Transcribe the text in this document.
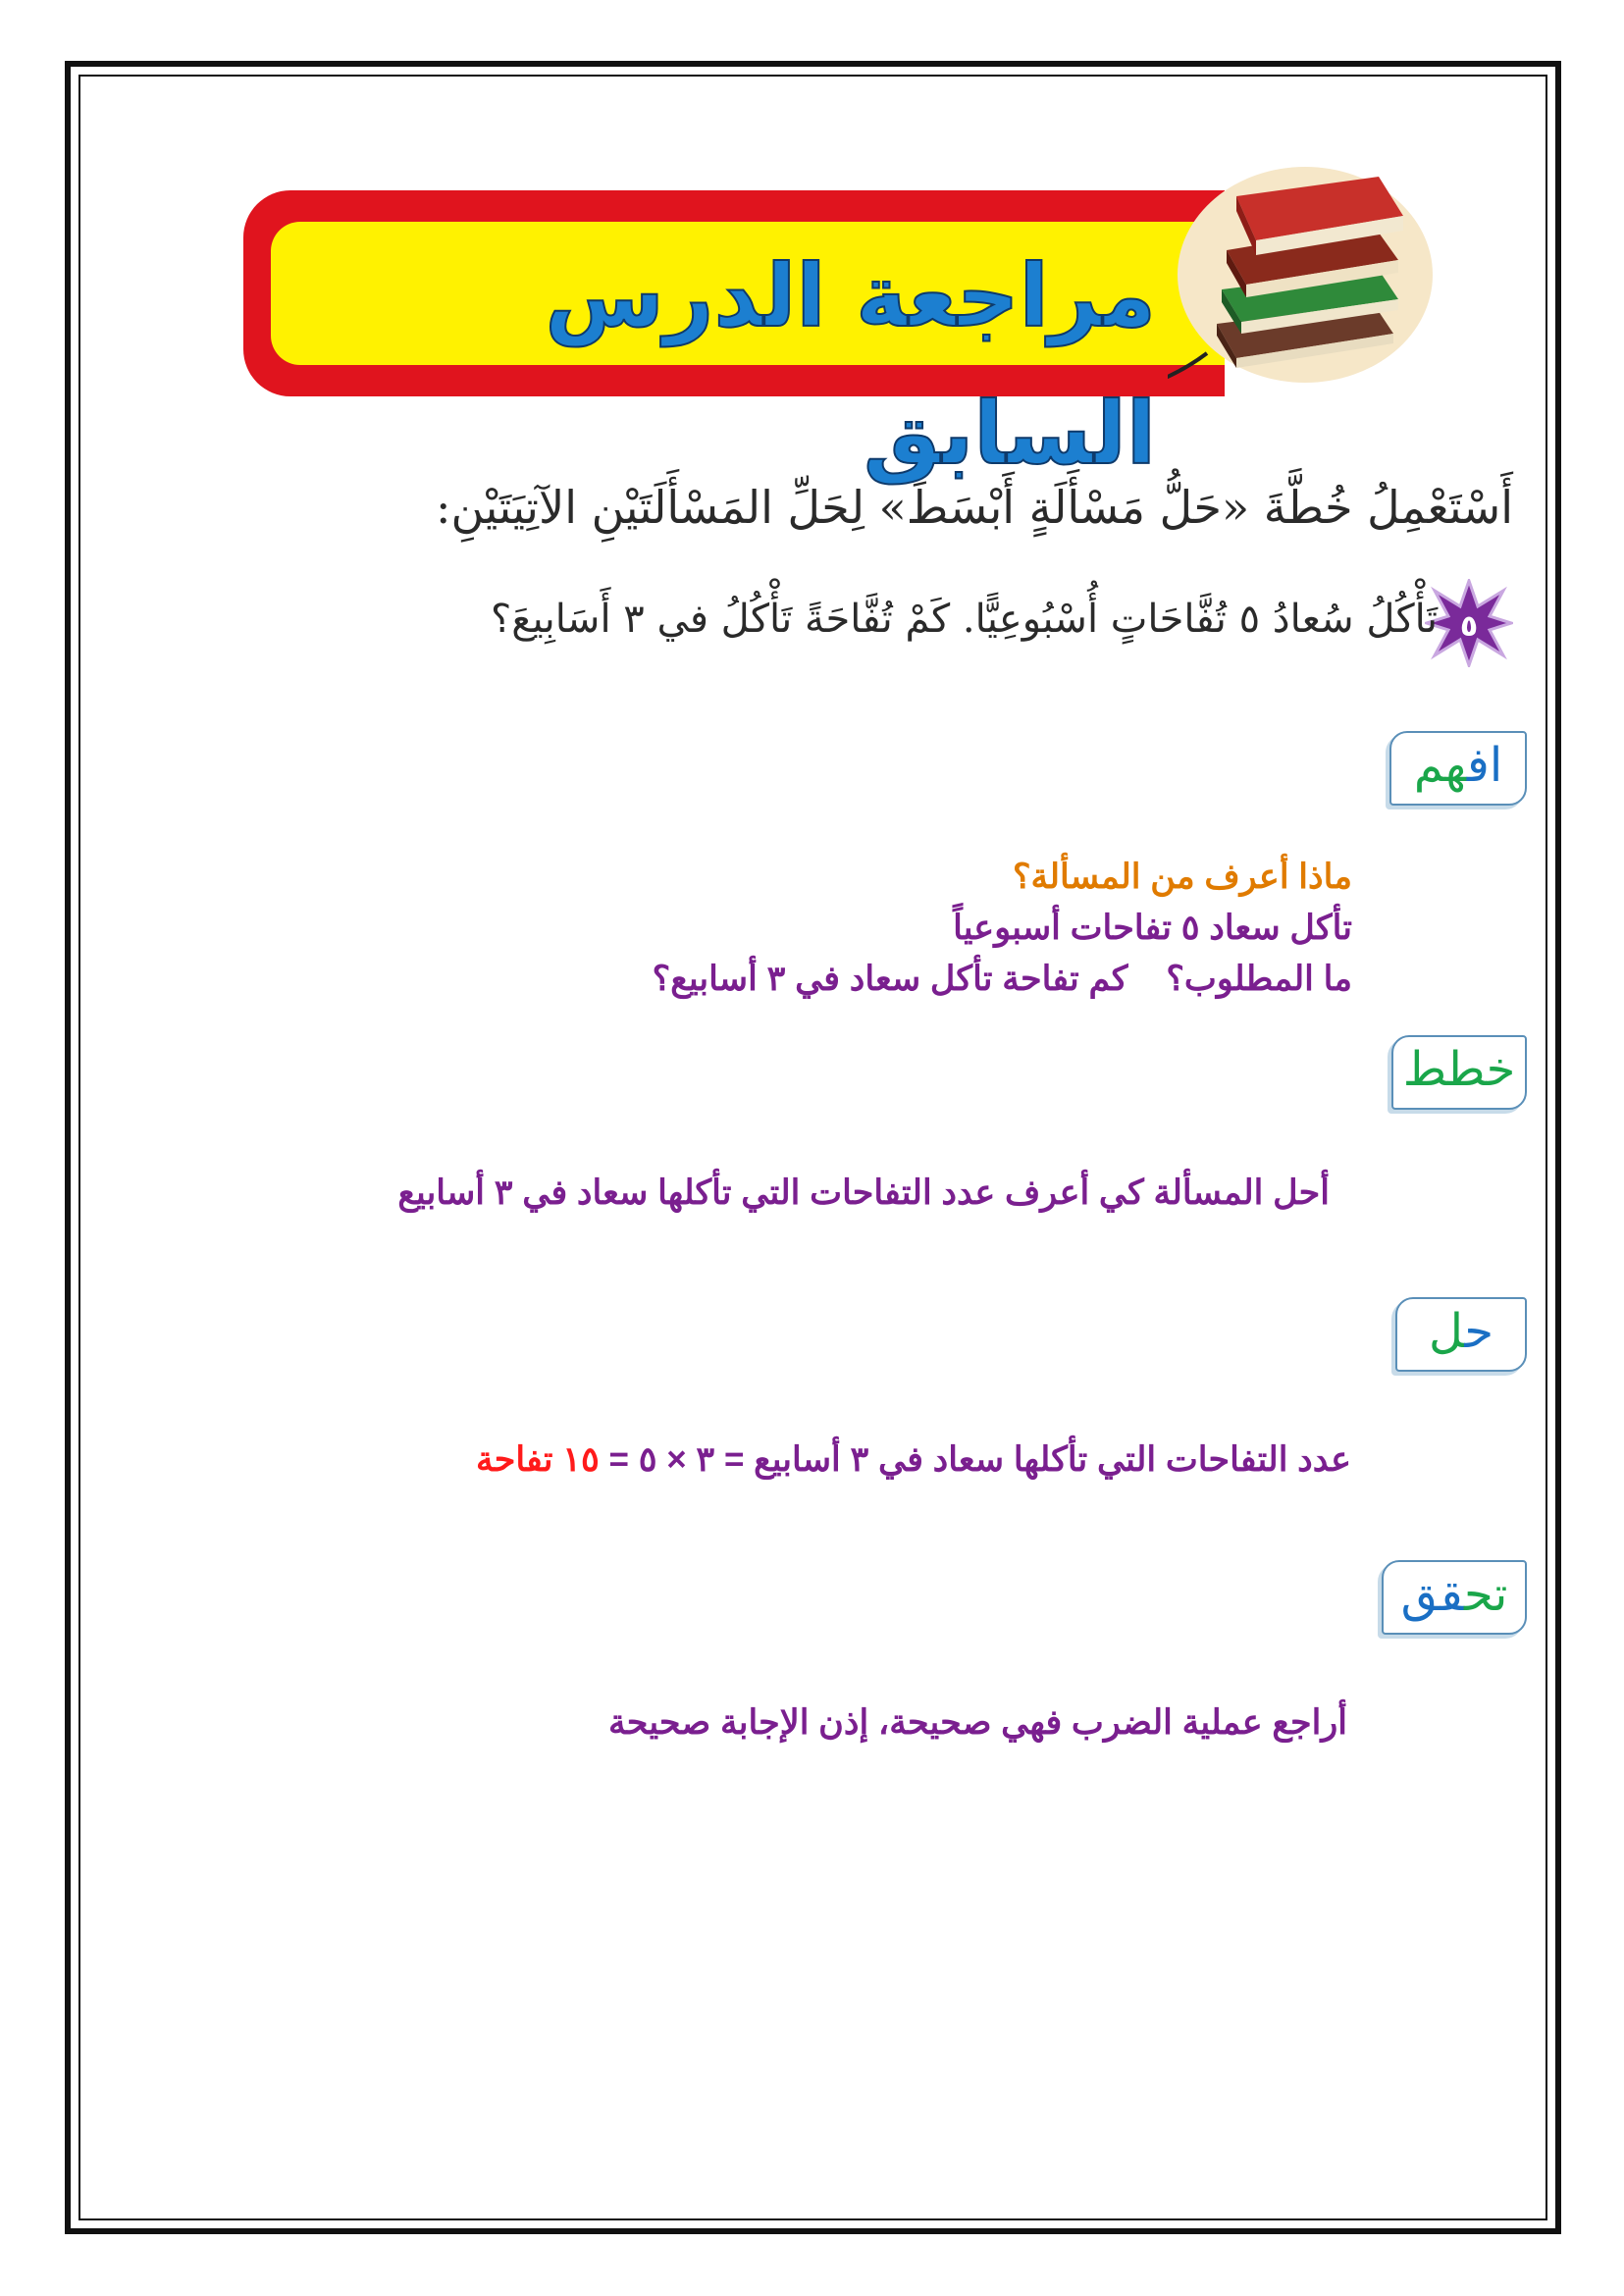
مراجعة الدرس السابق
أَسْتَعْمِلُ خُطَّةَ «حَلُّ مَسْأَلَةٍ أَبْسَطَ» لِحَلِّ المَسْأَلَتَيْنِ الآتِيَتَيْنِ:
٥
تَأْكُلُ سُعادُ ٥ تُفَّاحَاتٍ أُسْبُوعِيًّا. كَمْ تُفَّاحَةً تَأْكُلُ في ٣ أَسَابِيعَ؟
افهم
ماذا أعرف من المسألة؟
تأكل سعاد ٥ تفاحات أسبوعياً
ما المطلوب؟    كم تفاحة تأكل سعاد في ٣ أسابيع؟
خطط
أحل المسألة كي أعرف عدد التفاحات التي تأكلها سعاد في ٣ أسابيع
حل
عدد التفاحات التي تأكلها سعاد في ٣ أسابيع = ٣ × ٥ = ١٥ تفاحة
تحقق
أراجع عملية الضرب فهي صحيحة، إذن الإجابة صحيحة
